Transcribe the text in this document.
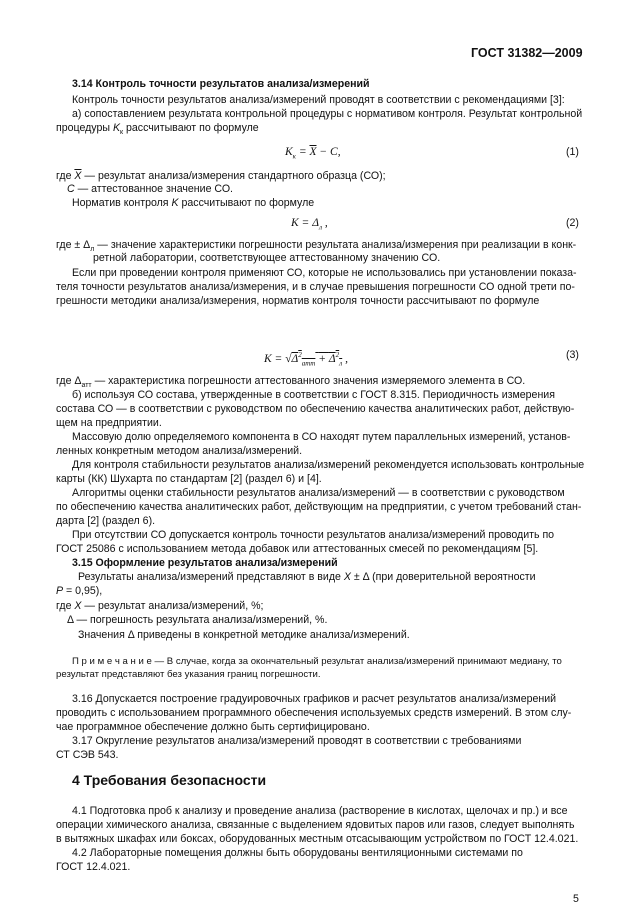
ГОСТ 31382—2009
3.14 Контроль точности результатов анализа/измерений
Контроль точности результатов анализа/измерений проводят в соответствии с рекомендациями [3]:
а) сопоставлением результата контрольной процедуры с нормативом контроля. Результат контрольной
процедуры $K_к$ рассчитывают по формуле
$K_к = \overline{X} - C$,	(1)
где $\overline{X}$ — результат анализа/измерения стандартного образца (СО);
C — аттестованное значение СО.
Норматив контроля K рассчитывают по формуле
$K = \Delta_л$ ,	(2)
где ± $\Delta_л$ — значение характеристики погрешности результата анализа/измерения при реализации в конк-
ретной лаборатории, соответствующее аттестованному значению СО.
Если при проведении контроля применяют СО, которые не использовались при установлении показа-
теля точности результатов анализа/измерения, и в случае превышения погрешности СО одной трети по-
грешности методики анализа/измерения, норматив контроля точности рассчитывают по формуле
$K = √\Delta^2_{атт} + \Delta^2_л$ ,	(3)
где $\Delta_{атт}$ — характеристика погрешности аттестованного значения измеряемого элемента в СО.
б) используя СО состава, утвержденные в соответствии с ГОСТ 8.315. Периодичность измерения
состава СО — в соответствии с руководством по обеспечению качества аналитических работ, действую-
щем на предприятии.
Массовую долю определяемого компонента в СО находят путем параллельных измерений, установ-
ленных конкретным методом анализа/измерений.
Для контроля стабильности результатов анализа/измерений рекомендуется использовать контрольные
карты (КК) Шухарта по стандартам [2] (раздел 6) и [4].
Алгоритмы оценки стабильности результатов анализа/измерений — в соответствии с руководством
по обеспечению качества аналитических работ, действующим на предприятии, с учетом требований стан-
дарта [2] (раздел 6).
При отсутствии СО допускается контроль точности результатов анализа/измерений проводить по
ГОСТ 25086 с использованием метода добавок или аттестованных смесей по рекомендациям [5].
3.15 Оформление результатов анализа/измерений
Результаты анализа/измерений представляют в виде X ± Δ (при доверительной вероятности
P = 0,95),
где X — результат анализа/измерений, %;
Δ — погрешность результата анализа/измерений, %.
Значения Δ приведены в конкретной методике анализа/измерений.
П р и м е ч а н и е — В случае, когда за окончательный результат анализа/измерений принимают медиану, то
результат представляют без указания границ погрешности.
3.16 Допускается построение градуировочных графиков и расчет результатов анализа/измерений
проводить с использованием программного обеспечения используемых средств измерений. В этом слу-
чае программное обеспечение должно быть сертифицировано.
3.17 Округление результатов анализа/измерений проводят в соответствии с требованиями
СТ СЭВ 543.
4 Требования безопасности
4.1 Подготовка проб к анализу и проведение анализа (растворение в кислотах, щелочах и пр.) и все
операции химического анализа, связанные с выделением ядовитых паров или газов, следует выполнять
в вытяжных шкафах или боксах, оборудованных местным отсасывающим устройством по ГОСТ 12.4.021.
4.2 Лабораторные помещения должны быть оборудованы вентиляционными системами по
ГОСТ 12.4.021.
5
